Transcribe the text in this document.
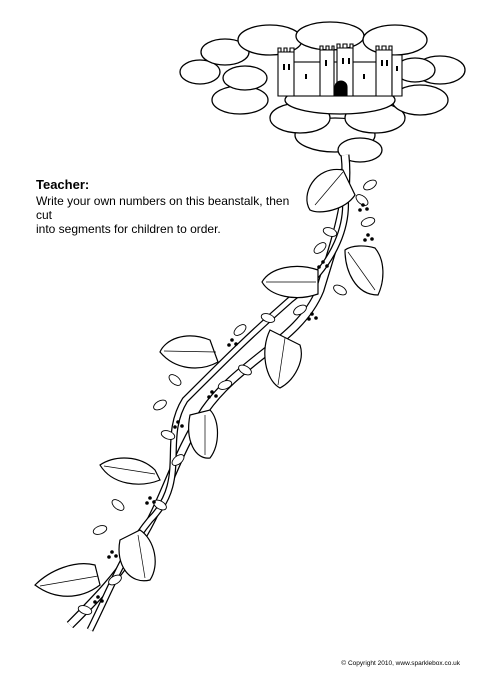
Teacher:
Write your own numbers on this beanstalk, then cut
into segments for children to order.
© Copyright 2010, www.sparklebox.co.uk
